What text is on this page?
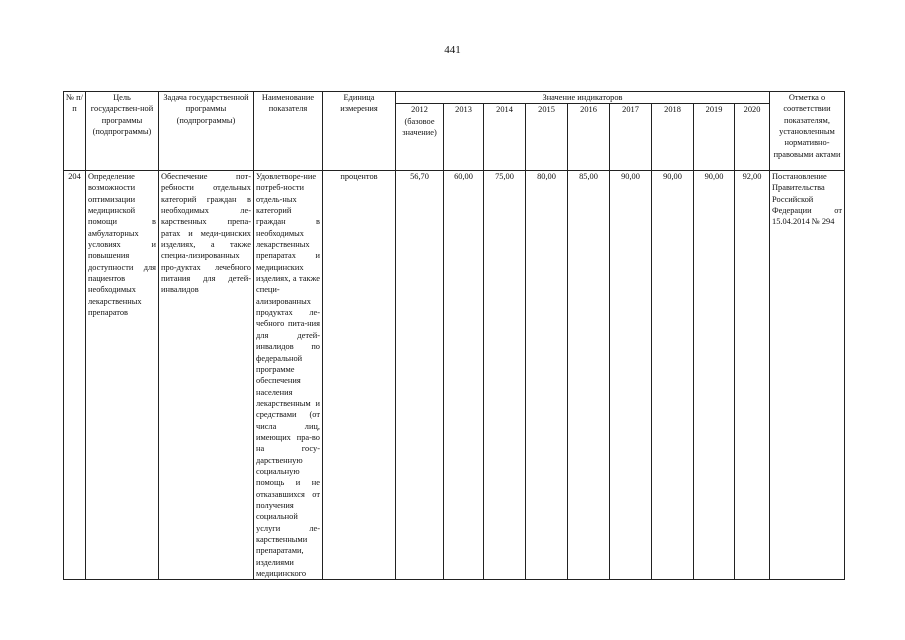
441
№ п/п	Цель государствен-ной программы (подпрограммы)	Задача государственной программы (подпрограммы)	Наименование показателя	Единица измерения	Значение индикаторов									Отметка о соответствии показателям, установленным нормативно-правовыми актами
					2012 (базовое значение)	2013	2014	2015	2016	2017	2018	2019	2020	
204	Определение возможности оптимизации медицинской помощи в амбулаторных условиях и повышения доступности для пациентов необходимых лекарственных препаратов	Обеспечение пот-ребности отдельных категорий граждан в необходимых ле-карственных препа-ратах и меди-цинских изделиях, а также специа-лизированных про-дуктах лечебного питания для детей-инвалидов	Удовлетворе-ние потреб-ности отдель-ных категорий граждан в необходимых лекарственных препаратах и медицинских изделиях, а также специ-ализированных продуктах ле-чебного пита-ния для детей-инвалидов по федеральной программе обеспечения населения лекарственным и средствами (от числа лиц, имеющих пра-во на госу-дарственную социальную помощь и не отказавшихся от получения социальной услуги ле-карственными препаратами, изделиями медицинского	процентов	56,70	60,00	75,00	80,00	85,00	90,00	90,00	90,00	92,00	Постановление Правительства Российской Федерации от 15.04.2014 № 294
